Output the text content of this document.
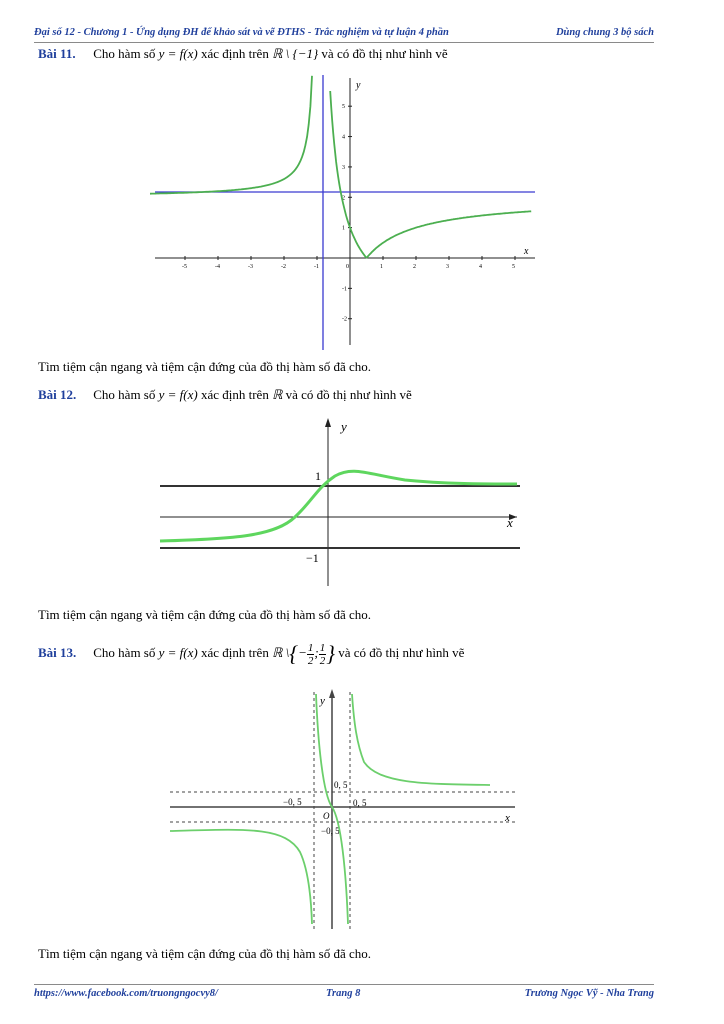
Đại số 12 - Chương 1 - Ứng dụng ĐH để khảo sát và vẽ ĐTHS - Trắc nghiệm và tự luận 4 phần	Dùng chung 3 bộ sách
Bài 11. Cho hàm số y = f(x) xác định trên ℝ \ {−1} và có đồ thị như hình vẽ
-5	-4	-3	-2	-1	0	1	2	3	4	5
5
4
3
2
1
-1
-2
x
y
Tìm tiệm cận ngang và tiệm cận đứng của đồ thị hàm số đã cho.
Bài 12. Cho hàm số y = f(x) xác định trên ℝ và có đồ thị như hình vẽ
y
x
1
−1
Tìm tiệm cận ngang và tiệm cận đứng của đồ thị hàm số đã cho.
Bài 13. Cho hàm số y = f(x) xác định trên ℝ \{− $\frac{1}{2}$ ; $\frac{1}{2}$ } và có đồ thị như hình vẽ
y
x
O
0, 5
0, 5
−0, 5
−0, 5
Tìm tiệm cận ngang và tiệm cận đứng của đồ thị hàm số đã cho.
https://www.facebook.com/truongngocvy8/	Trang 8	Trương Ngọc Vỹ - Nha Trang
